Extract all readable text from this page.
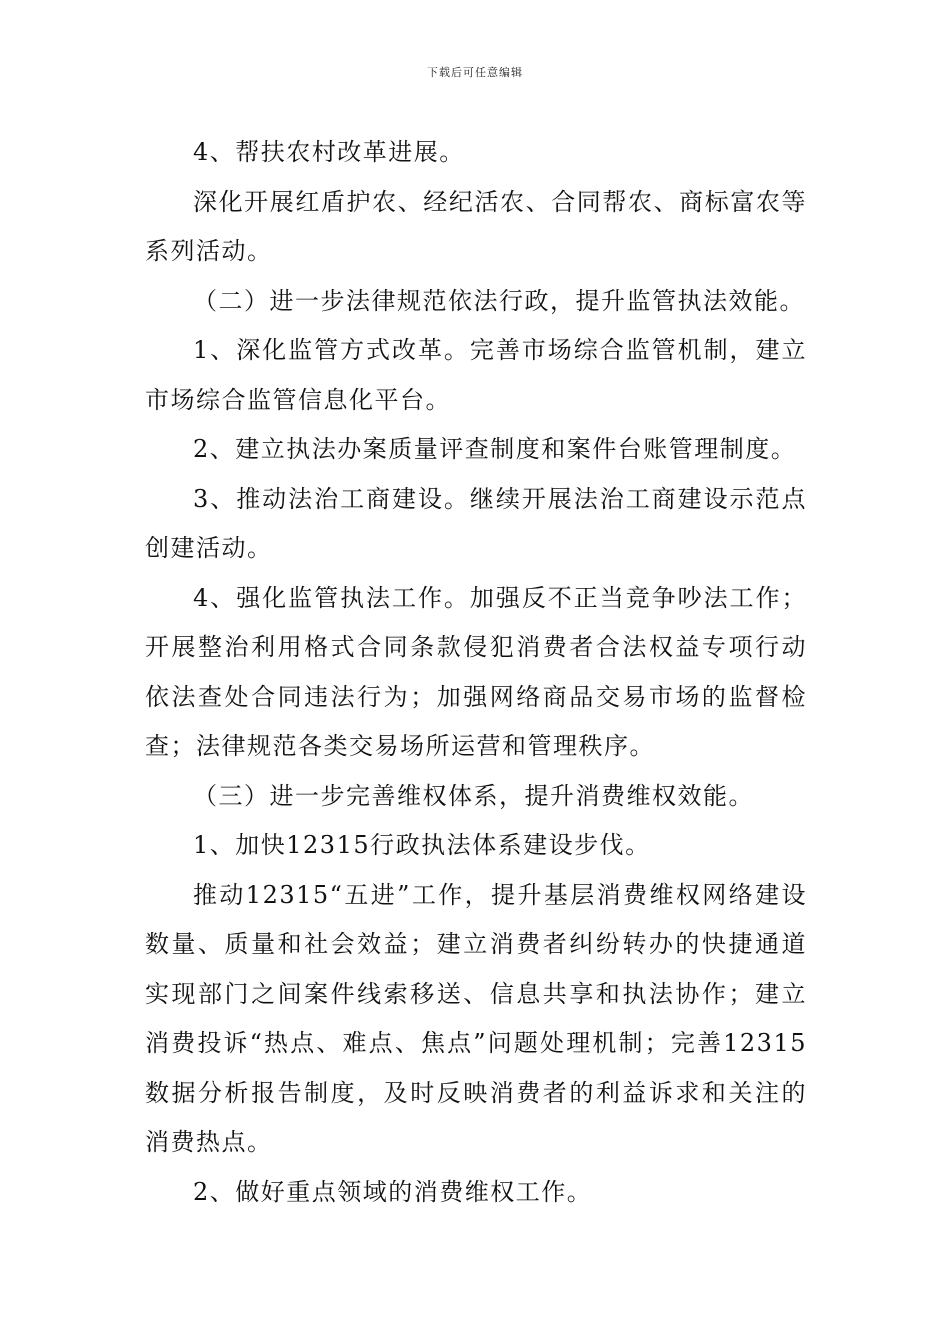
下载后可任意编辑

4、帮扶农村改革进展。

深化开展红盾护农、经纪活农、合同帮农、商标富农等系列活动。

（二）进一步法律规范依法行政，提升监管执法效能。

1、深化监管方式改革。完善市场综合监管机制，建立市场综合监管信息化平台。

2、建立执法办案质量评查制度和案件台账管理制度。

3、推动法治工商建设。继续开展法治工商建设示范点创建活动。

4、强化监管执法工作。加强反不正当竞争吵法工作；开展整治利用格式合同条款侵犯消费者合法权益专项行动依法查处合同违法行为；加强网络商品交易市场的监督检查；法律规范各类交易场所运营和管理秩序。

（三）进一步完善维权体系，提升消费维权效能。

1、加快12315行政执法体系建设步伐。

推动12315“五进”工作，提升基层消费维权网络建设数量、质量和社会效益；建立消费者纠纷转办的快捷通道实现部门之间案件线索移送、信息共享和执法协作；建立消费投诉“热点、难点、焦点”问题处理机制；完善12315数据分析报告制度，及时反映消费者的利益诉求和关注的消费热点。

2、做好重点领域的消费维权工作。
